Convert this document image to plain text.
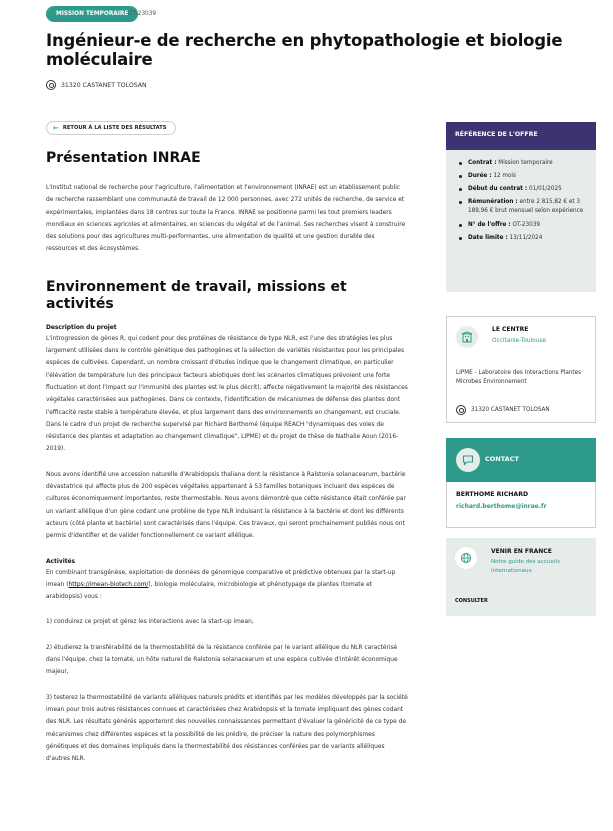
MISSION TEMPORAIRE OT-23039
Ingénieur-e de recherche en phytopathologie et biologie moléculaire
31320 CASTANET TOLOSAN
← RETOUR À LA LISTE DES RÉSULTATS
Présentation INRAE

L'Institut national de recherche pour l'agriculture, l'alimentation et l'environnement (INRAE) est un établissement public de recherche rassemblant une communauté de travail de 12 000 personnes, avec 272 unités de recherche, de service et expérimentales, implantées dans 18 centres sur toute la France. INRAE se positionne parmi les tout premiers leaders mondiaux en sciences agricoles et alimentaires, en sciences du végétal et de l'animal. Ses recherches visent à construire des solutions pour des agricultures multi-performantes, une alimentation de qualité et une gestion durable des ressources et des écosystèmes.

Environnement de travail, missions et activités
Description du projet

L'introgression de gènes R, qui codent pour des protéines de résistance de type NLR, est l'une des stratégies les plus largement utilisées dans le contrôle génétique des pathogènes et la sélection de variétés résistantes pour les principales espèces de cultivées. Cependant, un nombre croissant d'études indique que le changement climatique, en particulier l'élévation de température (un des principaux facteurs abiotiques dont les scénarios climatiques prévoient une forte fluctuation et dont l'impact sur l'immunité des plantes est le plus décrit), affecte négativement la majorité des résistances végétales caractérisées aux pathogènes. Dans ce contexte, l'identification de mécanismes de défense des plantes dont l'efficacité reste stable à température élevée, et plus largement dans des environnements en changement, est cruciale. Dans le cadre d'un projet de recherche supervisé par Richard Berthomé (équipe REACH "dynamiques des voies de résistance des plantes et adaptation au changement climatique", LIPME) et du projet de thèse de Nathalie Aoun (2016-2019).

Nous avons identifié une accession naturelle d'Arabidopsis thaliana dont la résistance à Ralstonia solanacearum, bactérie dévastatrice qui affecte plus de 200 espèces végétales appartenant à 53 familles botaniques incluant des espèces de cultures économiquement importantes, reste thermostable. Nous avons démontré que cette résistance était conférée par un variant allélique d'un gène codant une protéine de type NLR induisant la résistance à la bactérie et dont les différents acteurs (côté plante et bactérie) sont caractérisés dans l'équipe. Ces travaux, qui seront prochainement publiés nous ont permis d'identifier et de valider fonctionnellement ce variant allélique.

Activités

En combinant transgénèse, exploitation de données de génomique comparative et prédictive obtenues par la start-up imean (https://imean-biotech.com/), biologie moléculaire, microbiologie et phénotypage de plantes (tomate et arabidopsis) vous :

1) conduirez ce projet et gérez les interactions avec la start-up imean,

2) étudierez la transférabilité de la thermostabilité de la résistance conférée par le variant allélique du NLR caractérisé dans l'équipe, chez la tomate, un hôte naturel de Ralstonia solanacearum et une espèce cultivée d'intérêt économique majeur,

3) testerez la thermostabilité de variants alléliques naturels prédits et identifiés par les modèles développés par la société imean pour trois autres résistances connues et caractérisées chez Arabidopsis et la tomate impliquant des gènes codant des NLR. Les résultats générés apporteront des nouvelles connaissances permettant d'évaluer la généricité de ce type de mécanismes chez différentes espèces et la possibilité de les prédire, de préciser la nature des polymorphismes génétiques et des domaines impliqués dans la thermostabilité des résistances conférées par de variants alléliques d'autres NLR.

RÉFÉRENCE DE L'OFFRE
Contrat : Mission temporaire
Durée : 12 mois
Début du contrat : 01/01/2025
Rémunération : entre 2 815,82 € et 3 189,96 € brut mensuel selon expérience
N° de l'offre : OT-23039
Date limite : 13/11/2024
LE CENTRE
Occitanie-Toulouse
LIPME - Laboratoire des Interactions Plantes Microbes Environnement
31320 CASTANET TOLOSAN
CONTACT
BERTHOME RICHARD
richard.berthome@inrae.fr
VENIR EN FRANCE
Notre guide des accueils internationaux
CONSULTER
